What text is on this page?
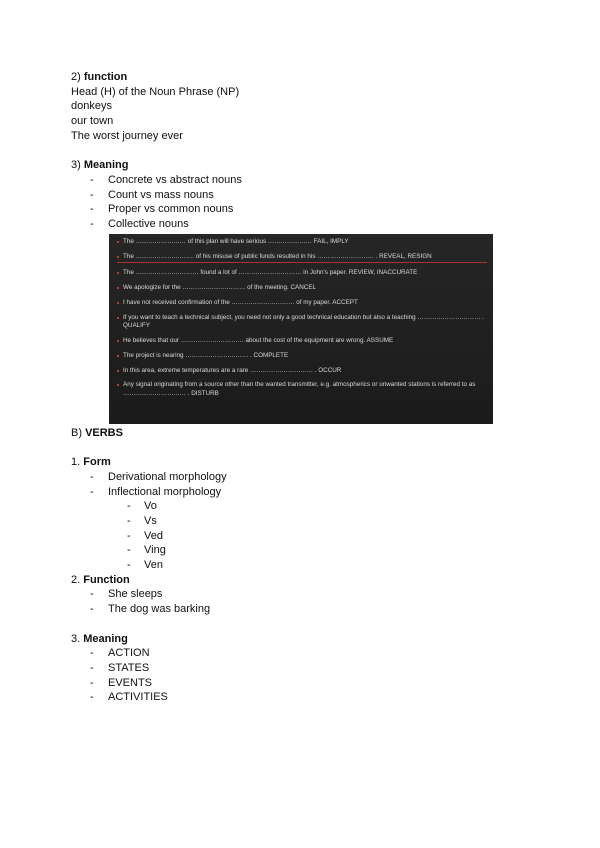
2) function

Head (H) of the Noun Phrase (NP)

donkeys

our town

The worst journey ever

3) Meaning

- Concrete vs abstract nouns
- Count vs mass nouns
- Proper vs common nouns
- Collective nouns
The …………………… of this plan will have serious ………………… FAIL, IMPLY
The ………………………. of his misuse of public funds resulted in his ……………………… . REVEAL, RESIGN
The ………………………… found a lot of ………………………… in John's paper. REVIEW, INACCURATE
We apologize for the ………………………… of the meeting. CANCEL
I have not received confirmation of the ………………………… of my paper. ACCEPT
If you want to teach a technical subject, you need not only a good technical education but also a teaching ………………………… . QUALIFY
He believes that our ………………………… about the cost of the equipment are wrong. ASSUME
The project is nearing ………………………… . COMPLETE
In this area, extreme temperatures are a rare ………………………… . OCCUR
Any signal originating from a source other than the wanted transmitter, e.g. atmospherics or unwanted stations is referred to as ………………………… . DISTURB

B) VERBS

1. Form

- Derivational morphology
- Inflectional morphology
- Vo
- Vs
- Ved
- Ving
- Ven

2. Function

- She sleeps
- The dog was barking

3. Meaning

- ACTION
- STATES
- EVENTS
- ACTIVITIES
